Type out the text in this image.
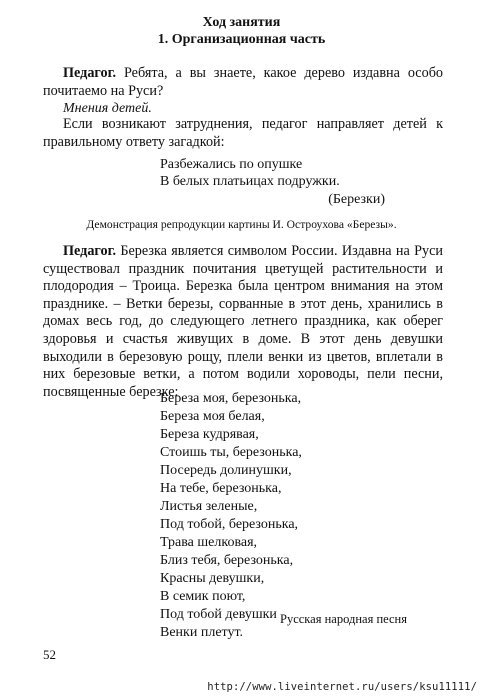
Ход занятия
1. Организационная часть
Педагог. Ребята, а вы знаете, какое дерево издавна особо почитаемо на Руси?
Мнения детей.
Если возникают затруднения, педагог направляет детей к правильному ответу загадкой:
Разбежались по опушке
В белых платьицах подружки.
(Березки)
Демонстрация репродукции картины И. Остроухова «Березы».
Педагог. Березка является символом России. Издавна на Руси существовал праздник почитания цветущей растительности и плодородия – Троица. Березка была центром внимания на этом празднике. – Ветки березы, сорванные в этот день, хранились в домах весь год, до следующего летнего праздника, как оберег здоровья и счастья живущих в доме. В этот день девушки выходили в березовую рощу, плели венки из цветов, вплетали в них березовые ветки, а потом водили хороводы, пели песни, посвященные березке:
Береза моя, березонька,
Береза моя белая,
Береза кудрявая,
Стоишь ты, березонька,
Посередь долинушки,
На тебе, березонька,
Листья зеленые,
Под тобой, березонька,
Трава шелковая,
Близ тебя, березонька,
Красны девушки,
В семик поют,
Под тобой девушки
Венки плетут.
Русская народная песня
52
http://www.liveinternet.ru/users/ksu11111/
